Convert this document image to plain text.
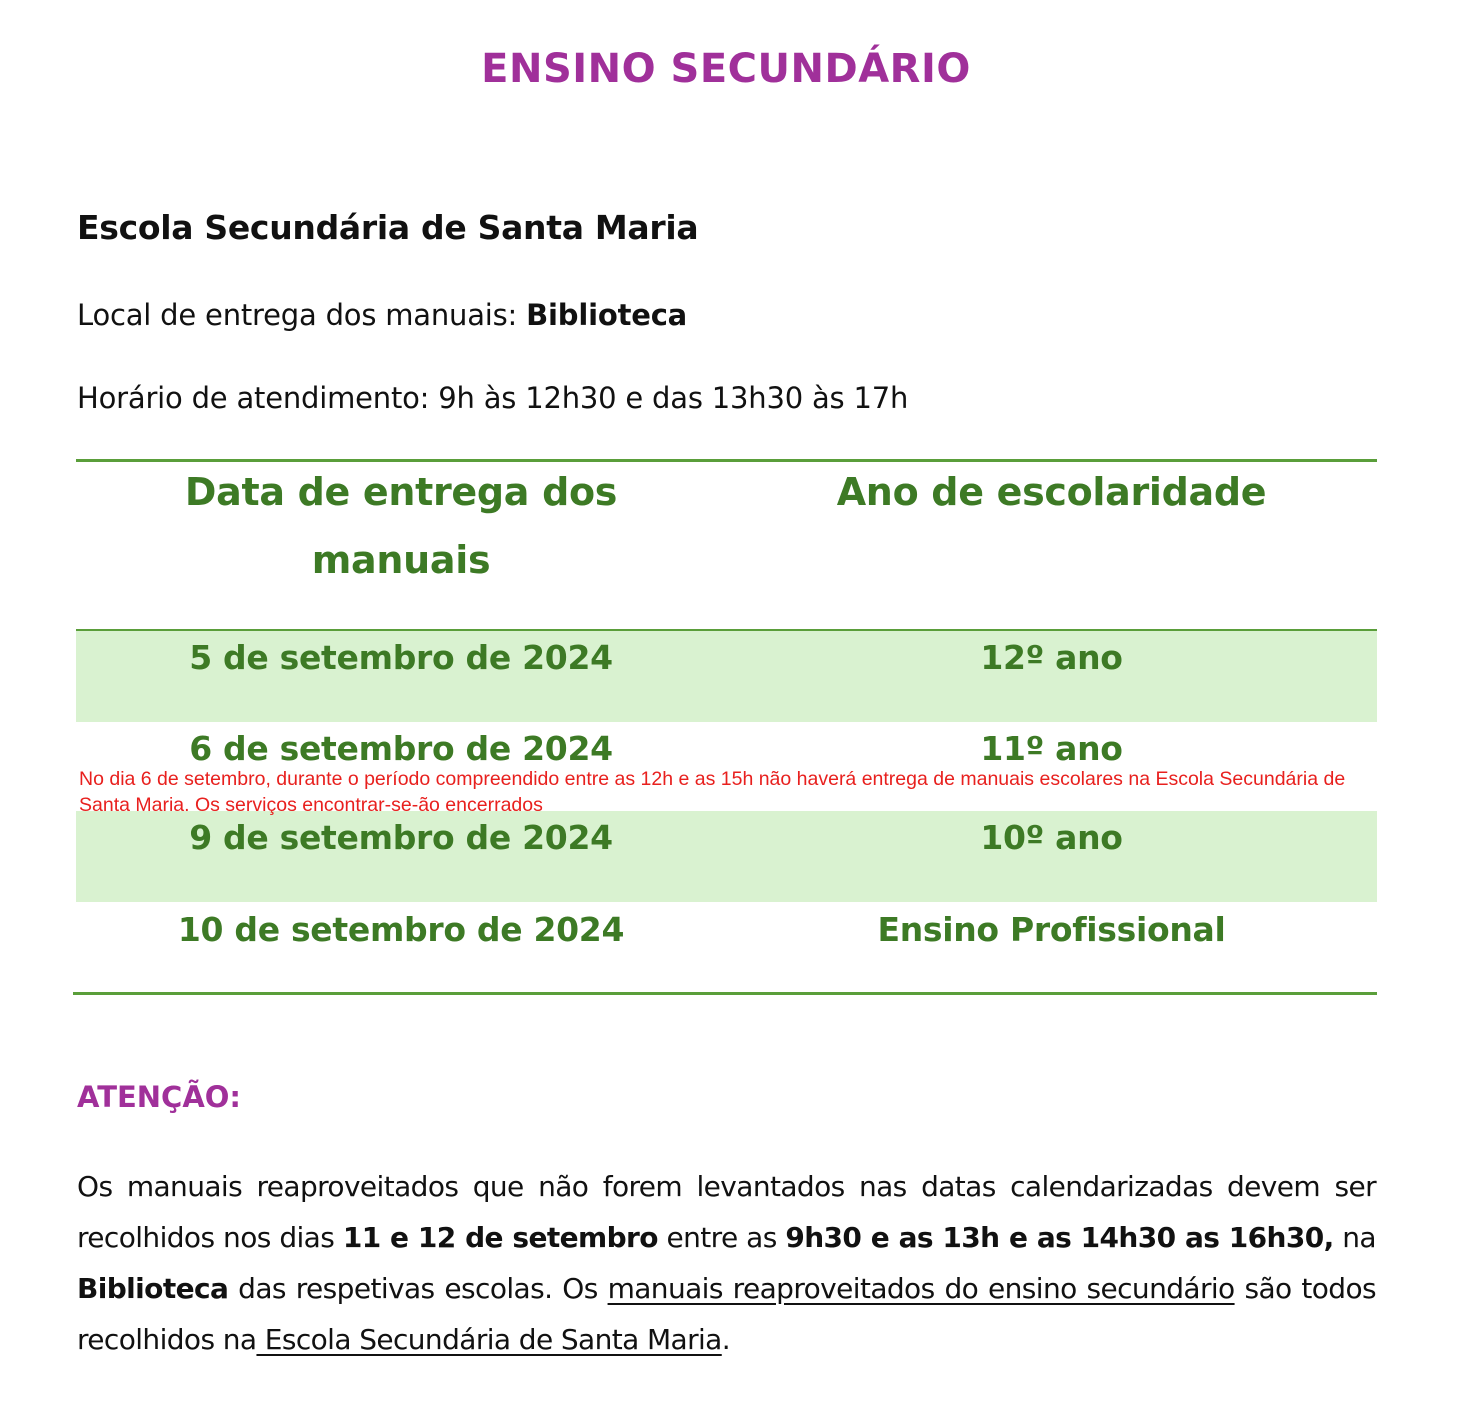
ENSINO SECUNDÁRIO
Escola Secundária de Santa Maria
Local de entrega dos manuais: Biblioteca
Horário de atendimento: 9h às 12h30 e das 13h30 às 17h
Data de entrega dos manuais
Ano de escolaridade
5 de setembro de 2024	12º ano
6 de setembro de 2024	11º ano
No dia 6 de setembro, durante o período compreendido entre as 12h e as 15h não haverá entrega de manuais escolares na Escola Secundária de Santa Maria. Os serviços encontrar-se-ão encerrados
9 de setembro de 2024	10º ano
10 de setembro de 2024	Ensino Profissional
ATENÇÃO:
Os manuais reaproveitados que não forem levantados nas datas calendarizadas devem ser recolhidos nos dias 11 e 12 de setembro entre as 9h30 e as 13h e as 14h30 as 16h30, na Biblioteca das respetivas escolas. Os manuais reaproveitados do ensino secundário são todos recolhidos na Escola Secundária de Santa Maria.
